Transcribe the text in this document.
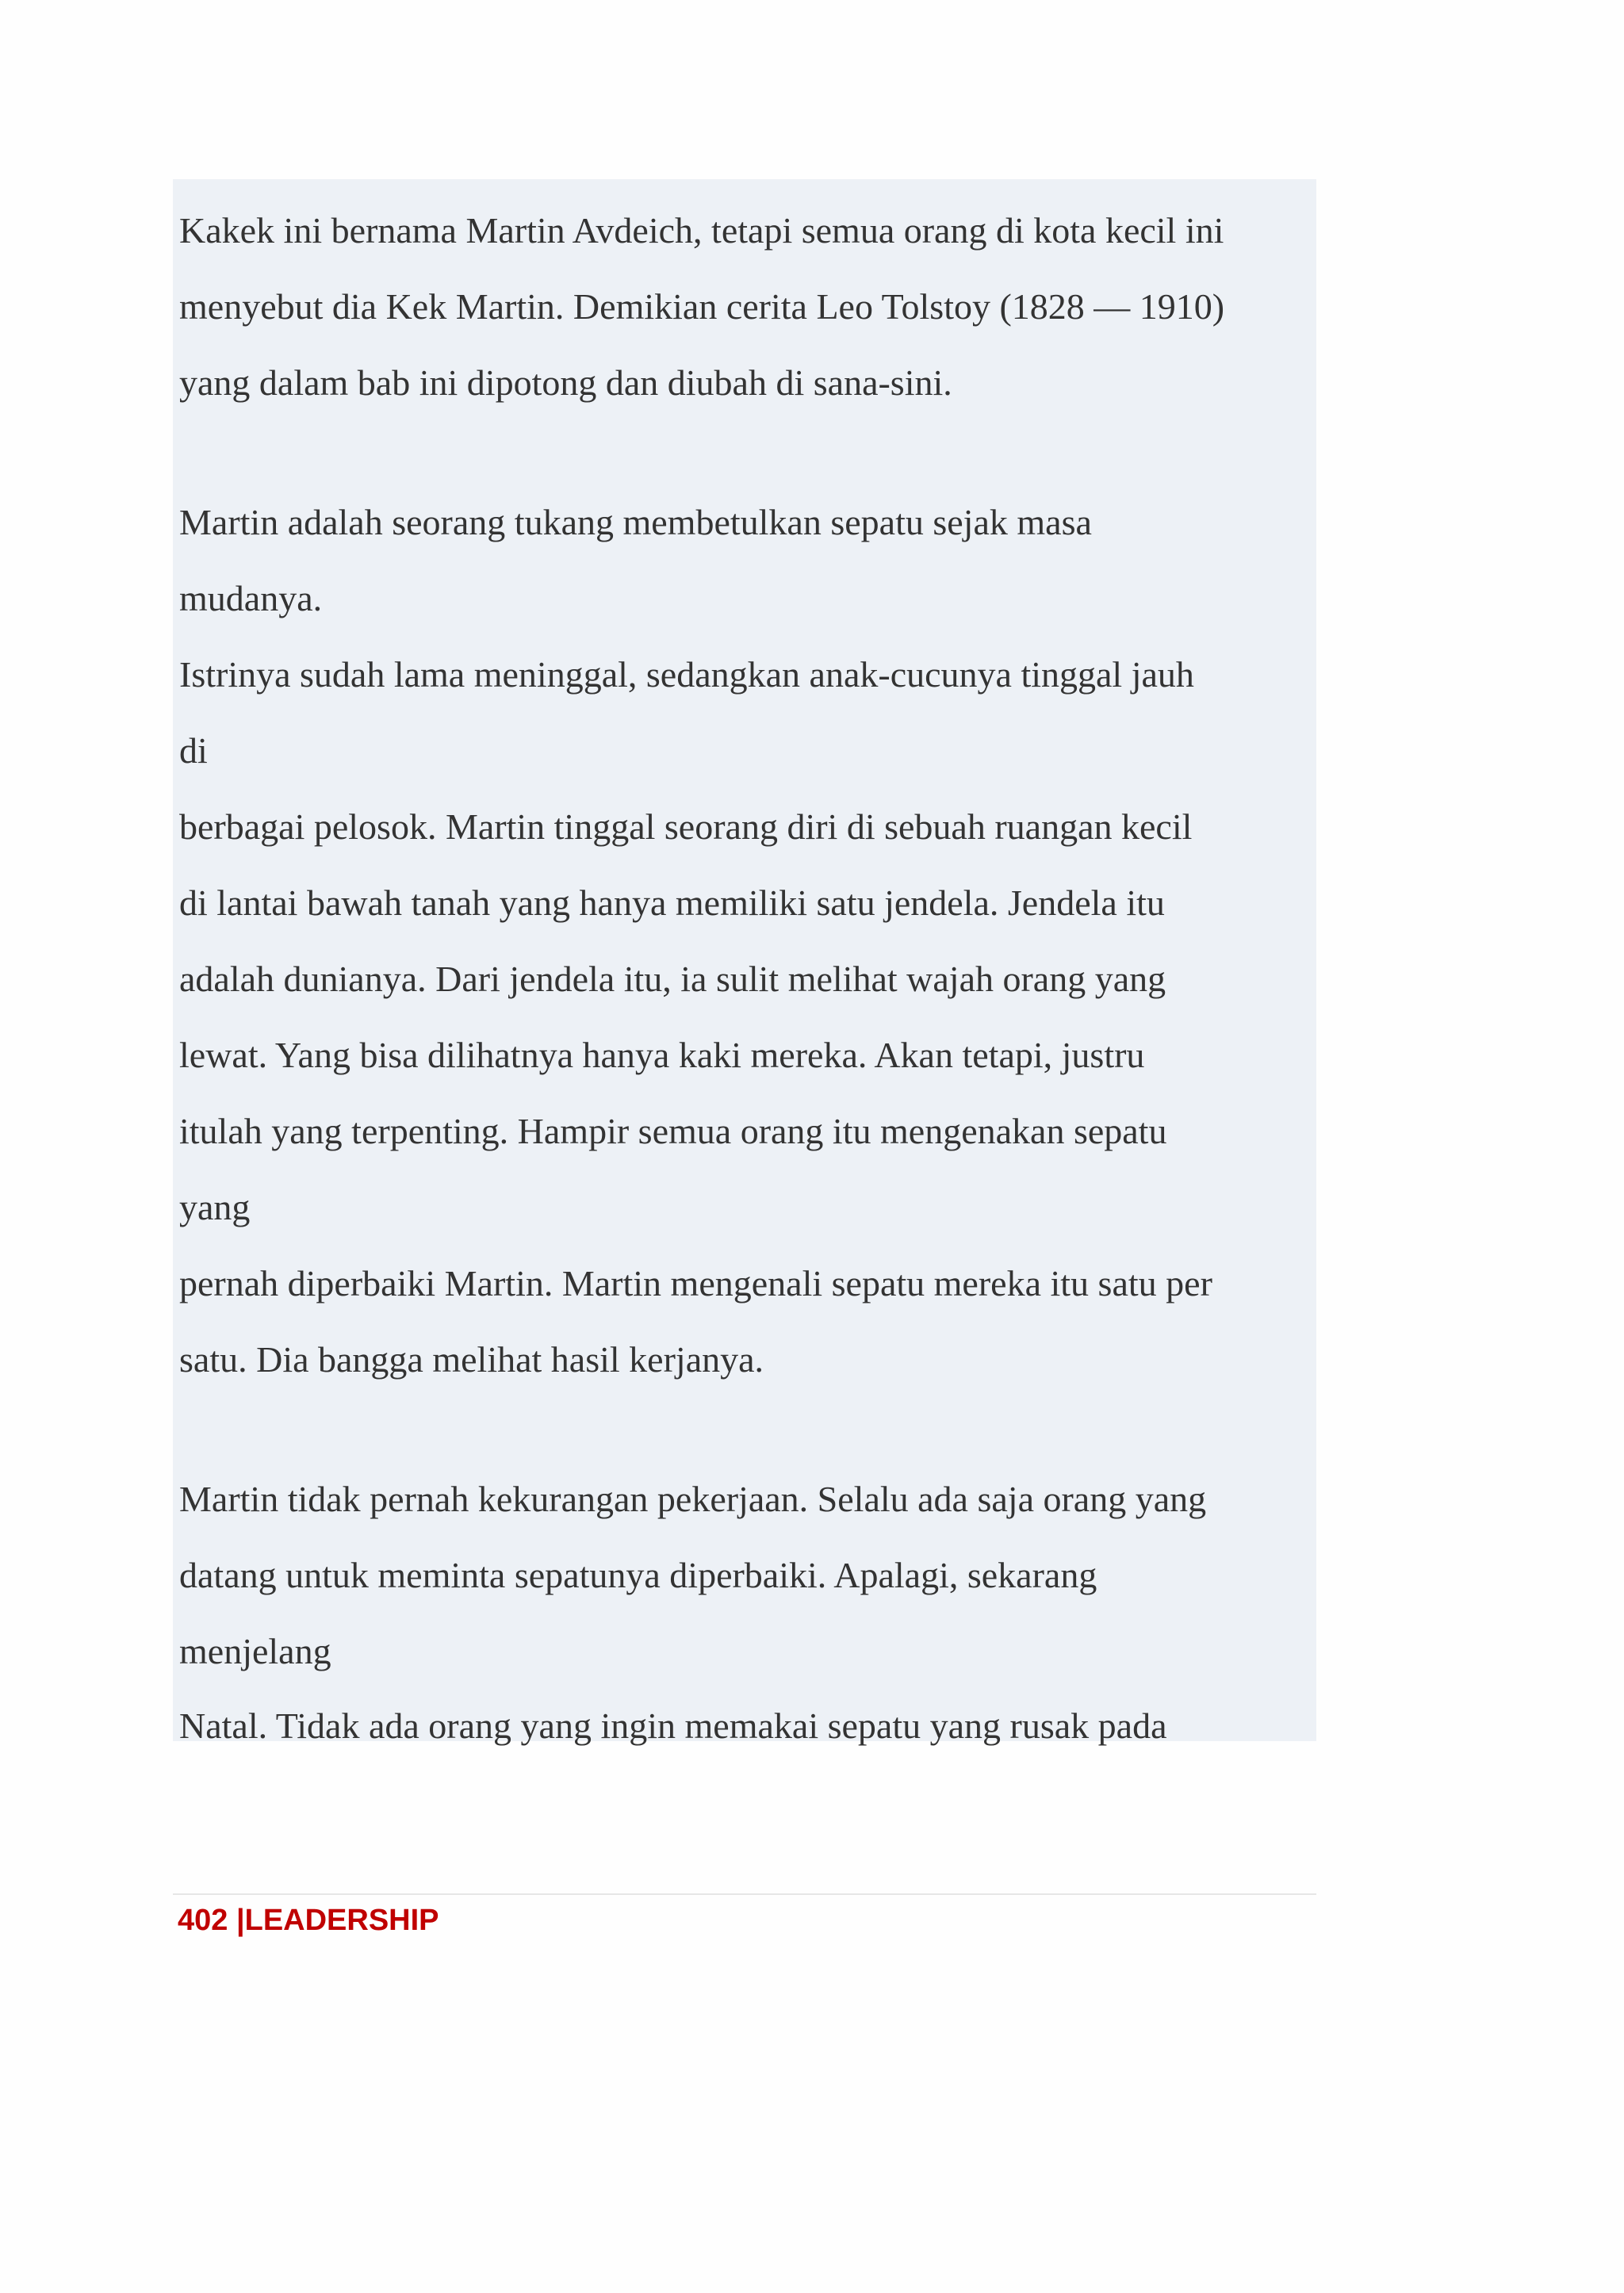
Kakek ini bernama Martin Avdeich, tetapi semua orang di kota kecil ini

menyebut dia Kek Martin. Demikian cerita Leo Tolstoy (1828 — 1910)

yang dalam bab ini dipotong dan diubah di sana-sini.

Martin adalah seorang tukang membetulkan sepatu sejak masa

mudanya.

Istrinya sudah lama meninggal, sedangkan anak-cucunya tinggal jauh

di

berbagai pelosok. Martin tinggal seorang diri di sebuah ruangan kecil

di lantai bawah tanah yang hanya memiliki satu jendela. Jendela itu

adalah dunianya. Dari jendela itu, ia sulit melihat wajah orang yang

lewat. Yang bisa dilihatnya hanya kaki mereka. Akan tetapi, justru

itulah yang terpenting. Hampir semua orang itu mengenakan sepatu

yang

pernah diperbaiki Martin. Martin mengenali sepatu mereka itu satu per

satu. Dia bangga melihat hasil kerjanya.

Martin tidak pernah kekurangan pekerjaan. Selalu ada saja orang yang

datang untuk meminta sepatunya diperbaiki. Apalagi, sekarang

menjelang

Natal. Tidak ada orang yang ingin memakai sepatu yang rusak pada

402 |LEADERSHIP
